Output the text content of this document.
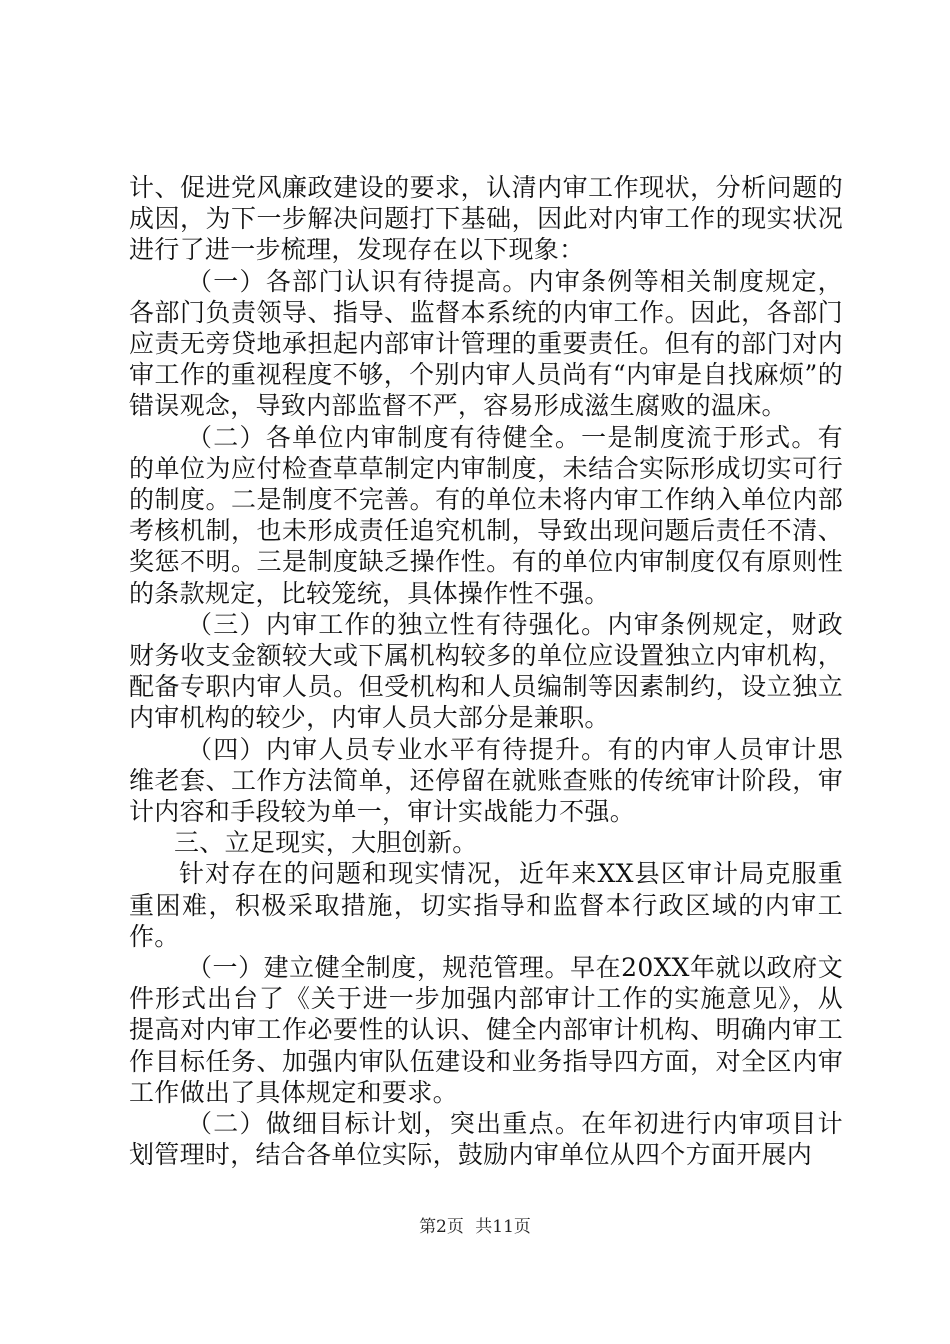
计、促进党风廉政建设的要求，认清内审工作现状，分析问题的成因，为下一步解决问题打下基础，因此对内审工作的现实状况进行了进一步梳理，发现存在以下现象：

（一）各部门认识有待提高。内审条例等相关制度规定，各部门负责领导、指导、监督本系统的内审工作。因此，各部门应责无旁贷地承担起内部审计管理的重要责任。但有的部门对内审工作的重视程度不够，个别内审人员尚有“内审是自找麻烦”的错误观念，导致内部监督不严，容易形成滋生腐败的温床。

（二）各单位内审制度有待健全。一是制度流于形式。有的单位为应付检查草草制定内审制度，未结合实际形成切实可行的制度。二是制度不完善。有的单位未将内审工作纳入单位内部考核机制，也未形成责任追究机制，导致出现问题后责任不清、奖惩不明。三是制度缺乏操作性。有的单位内审制度仅有原则性的条款规定，比较笼统，具体操作性不强。

（三）内审工作的独立性有待强化。内审条例规定，财政财务收支金额较大或下属机构较多的单位应设置独立内审机构，配备专职内审人员。但受机构和人员编制等因素制约，设立独立内审机构的较少，内审人员大部分是兼职。

（四）内审人员专业水平有待提升。有的内审人员审计思维老套、工作方法简单，还停留在就账查账的传统审计阶段，审计内容和手段较为单一，审计实战能力不强。

三、立足现实，大胆创新。

针对存在的问题和现实情况，近年来XX县区审计局克服重重困难，积极采取措施，切实指导和监督本行政区域的内审工作。

（一）建立健全制度，规范管理。早在20XX年就以政府文件形式出台了《关于进一步加强内部审计工作的实施意见》，从提高对内审工作必要性的认识、健全内部审计机构、明确内审工作目标任务、加强内审队伍建设和业务指导四方面，对全区内审工作做出了具体规定和要求。

（二）做细目标计划，突出重点。在年初进行内审项目计划管理时，结合各单位实际，鼓励内审单位从四个方面开展内

第2页 共11页
